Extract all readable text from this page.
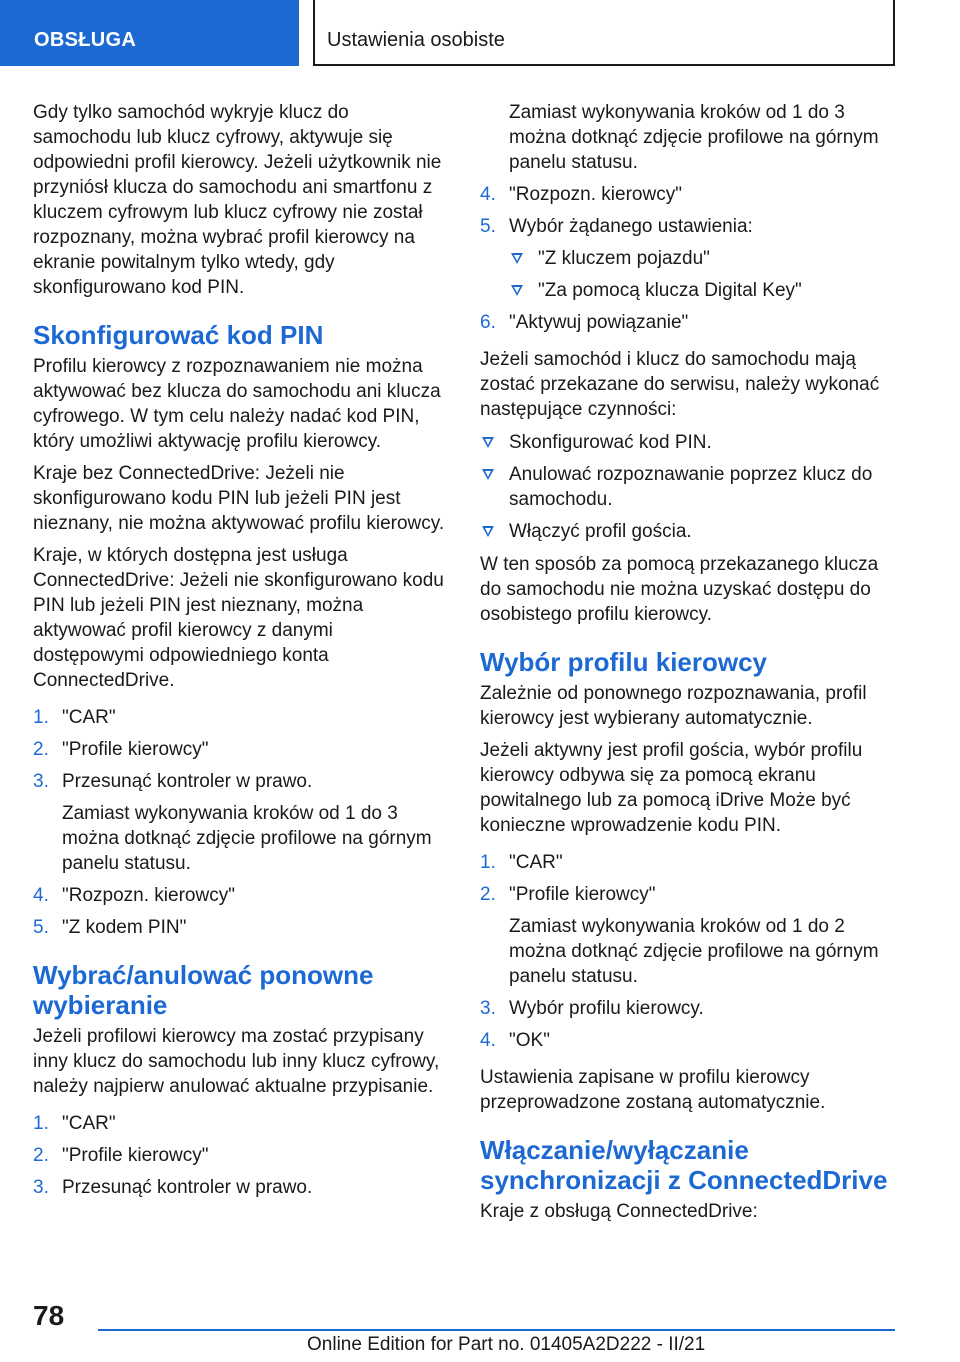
OBSŁUGA	Ustawienia osobiste

Gdy tylko samochód wykryje klucz do samochodu lub klucz cyfrowy, aktywuje się odpowiedni profil kierowcy. Jeżeli użytkownik nie przyniósł klucza do samochodu ani smartfonu z kluczem cyfrowym lub klucz cyfrowy nie został rozpoznany, można wybrać profil kierowcy na ekranie powitalnym tylko wtedy, gdy skonfigurowano kod PIN.

Skonfigurować kod PIN

Profilu kierowcy z rozpoznawaniem nie można aktywować bez klucza do samochodu ani klucza cyfrowego. W tym celu należy nadać kod PIN, który umożliwi aktywację profilu kierowcy.

Kraje bez ConnectedDrive: Jeżeli nie skonfigurowano kodu PIN lub jeżeli PIN jest nieznany, nie można aktywować profilu kierowcy.

Kraje, w których dostępna jest usługa ConnectedDrive: Jeżeli nie skonfigurowano kodu PIN lub jeżeli PIN jest nieznany, można aktywować profil kierowcy z danymi dostępowymi odpowiedniego konta ConnectedDrive.

1. "CAR"
2. "Profile kierowcy"
3. Przesunąć kontroler w prawo.
Zamiast wykonywania kroków od 1 do 3 można dotknąć zdjęcie profilowe na górnym panelu statusu.
4. "Rozpozn. kierowcy"
5. "Z kodem PIN"
Wybrać/anulować ponowne wybieranie

Jeżeli profilowi kierowcy ma zostać przypisany inny klucz do samochodu lub inny klucz cyfrowy, należy najpierw anulować aktualne przypisanie.

1. "CAR"
2. "Profile kierowcy"
3. Przesunąć kontroler w prawo.

Zamiast wykonywania kroków od 1 do 3 można dotknąć zdjęcie profilowe na górnym panelu statusu.

4. "Rozpozn. kierowcy"
5. Wybór żądanego ustawienia:
"Z kluczem pojazdu"
"Za pomocą klucza Digital Key"
6. "Aktywuj powiązanie"

Jeżeli samochód i klucz do samochodu mają zostać przekazane do serwisu, należy wykonać następujące czynności:

Skonfigurować kod PIN.
Anulować rozpoznawanie poprzez klucz do samochodu.
Włączyć profil gościa.

W ten sposób za pomocą przekazanego klucza do samochodu nie można uzyskać dostępu do osobistego profilu kierowcy.

Wybór profilu kierowcy

Zależnie od ponownego rozpoznawania, profil kierowcy jest wybierany automatycznie.

Jeżeli aktywny jest profil gościa, wybór profilu kierowcy odbywa się za pomocą ekranu powitalnego lub za pomocą iDrive Może być konieczne wprowadzenie kodu PIN.

1. "CAR"
2. "Profile kierowcy"
Zamiast wykonywania kroków od 1 do 2 można dotknąć zdjęcie profilowe na górnym panelu statusu.
3. Wybór profilu kierowcy.
4. "OK"

Ustawienia zapisane w profilu kierowcy przeprowadzone zostaną automatycznie.

Włączanie/wyłączanie synchronizacji z ConnectedDrive

Kraje z obsługą ConnectedDrive:

78
Online Edition for Part no. 01405A2D222 - II/21
